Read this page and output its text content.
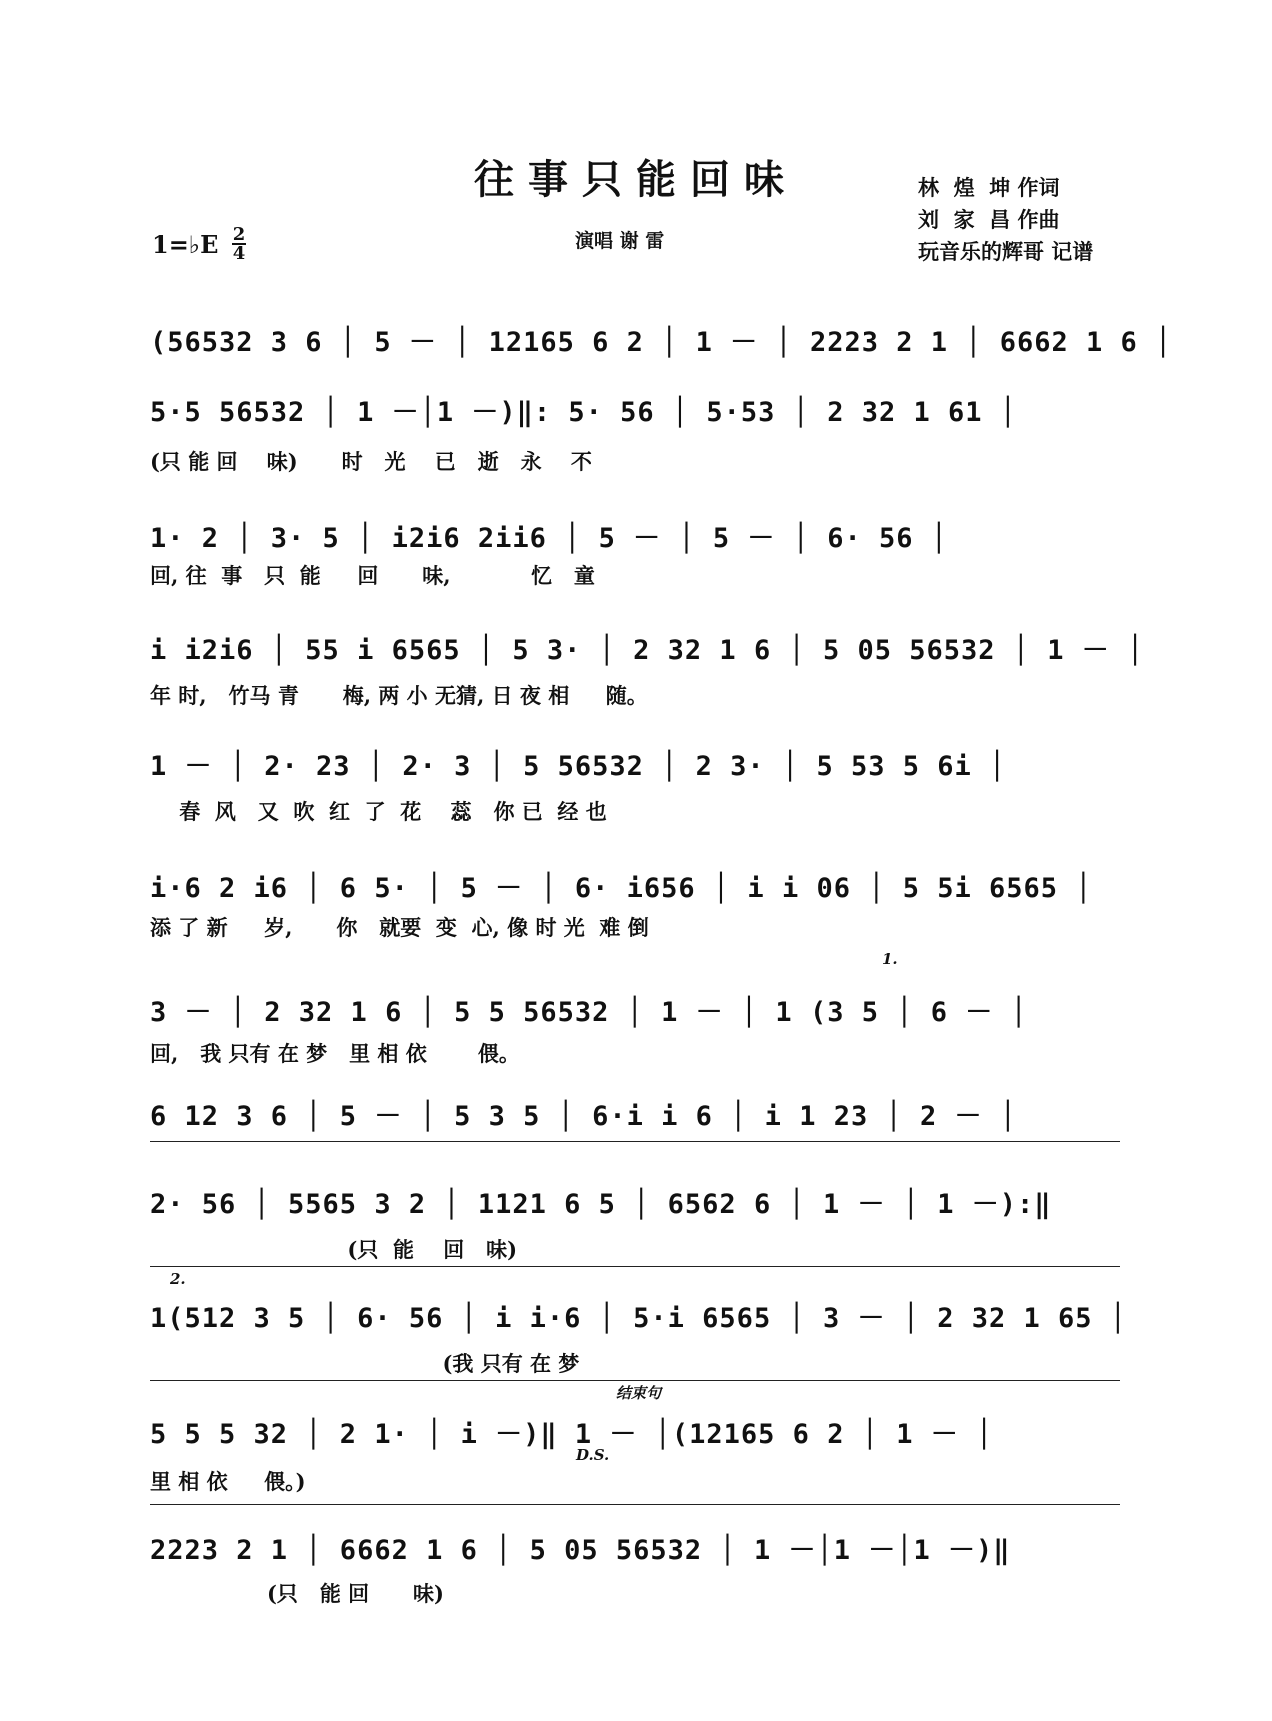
往事只能回味	林  煌  坤 作词
刘  家  昌 作曲
玩音乐的辉哥 记谱
1=♭E 2
4
演唱 谢 雷
(56532 3 6 │ 5 － │ 12165 6 2 │ 1 － │ 2223 2 1 │ 6662 1 6 │
5·5 56532 │ 1 －│1 －)‖: 5· 56 │ 5·53 │ 2 32 1 61 │
(只 能 回    味)      时   光    已   逝   永    不
1· 2 │ 3· 5 │ i2i6 2ii6 │ 5 － │ 5 － │ 6· 56 │
回, 往  事   只  能     回      味,           忆   童
i i2i6 │ 55 i 6565 │ 5 3· │ 2 32 1 6 │ 5 05 56532 │ 1 － │
年 时,   竹马 青      梅, 两 小 无猜, 日 夜 相     随。
1 － │ 2· 23 │ 2· 3 │ 5 56532 │ 2 3· │ 5 53 5 6i │
春  风   又  吹  红  了  花    蕊   你 已  经 也
i·6 2 i6 │ 6 5· │ 5 － │ 6· i656 │ i i 06 │ 5 5i 6565 │
添 了 新     岁,      你   就要  变  心, 像 时 光  难 倒
3 － │ 2 32 1 6 │ 5 5 56532 │ 1 － │ 1 (3 5 │ 6 － │
回,   我 只有 在 梦   里 相 依       偎。
1.
6 12 3 6 │ 5 － │ 5 3 5 │ 6·i i 6 │ i 1 23 │ 2 － │
2· 56 │ 5565 3 2 │ 1121 6 5 │ 6562 6 │ 1 － │ 1 －):‖
(只  能    回   味)
2.
1(512 3 5 │ 6· 56 │ i i·6 │ 5·i 6565 │ 3 － │ 2 32 1 65 │
(我 只有 在 梦
结束句
5 5 5 32 │ 2 1· │ i －)‖ 1 － │(12165 6 2 │ 1 － │
D.S.
里 相 依     偎。)
2223 2 1 │ 6662 1 6 │ 5 05 56532 │ 1 －│1 －│1 －)‖
(只   能 回      味)
